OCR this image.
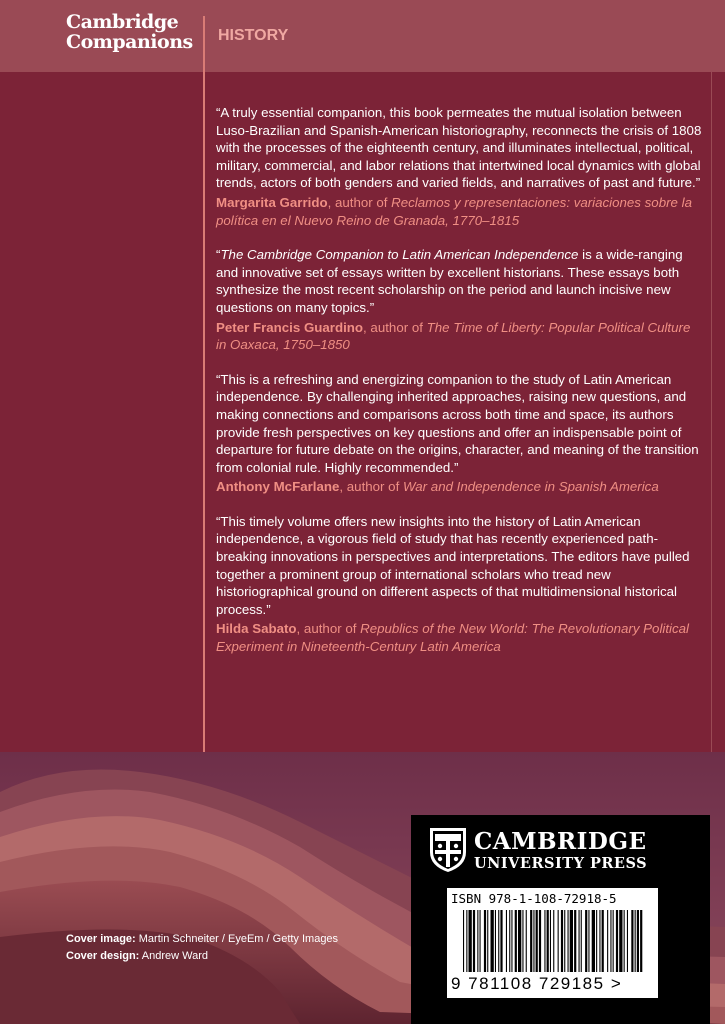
Cambridge
Companions HISTORY

“A truly essential companion, this book permeates the mutual isolation between Luso-Brazilian and Spanish-American historiography, reconnects the crisis of 1808 with the processes of the eighteenth century, and illuminates intellectual, political, military, commercial, and labor relations that intertwined local dynamics with global trends, actors of both genders and varied fields, and narratives of past and future.”

Margarita Garrido, author of Reclamos y representaciones: variaciones sobre la política en el Nuevo Reino de Granada, 1770–1815

“The Cambridge Companion to Latin American Independence is a wide-ranging and innovative set of essays written by excellent historians. These essays both synthesize the most recent scholarship on the period and launch incisive new questions on many topics.”

Peter Francis Guardino, author of The Time of Liberty: Popular Political Culture in Oaxaca, 1750–1850

“This is a refreshing and energizing companion to the study of Latin American independence. By challenging inherited approaches, raising new questions, and making connections and comparisons across both time and space, its authors provide fresh perspectives on key questions and offer an indispensable point of departure for future debate on the origins, character, and meaning of the transition from colonial rule. Highly recommended.”

Anthony McFarlane, author of War and Independence in Spanish America

“This timely volume offers new insights into the history of Latin American independence, a vigorous field of study that has recently experienced path-breaking innovations in perspectives and interpretations. The editors have pulled together a prominent group of international scholars who tread new historiographical ground on different aspects of that multidimensional historical process.”

Hilda Sabato, author of Republics of the New World: The Revolutionary Political Experiment in Nineteenth-Century Latin America

Cover image: Martin Schneiter / EyeEm / Getty Images
Cover design: Andrew Ward
CAMBRIDGE
UNIVERSITY PRESS
ISBN 978-1-108-72918-5
9 781108 729185 >
